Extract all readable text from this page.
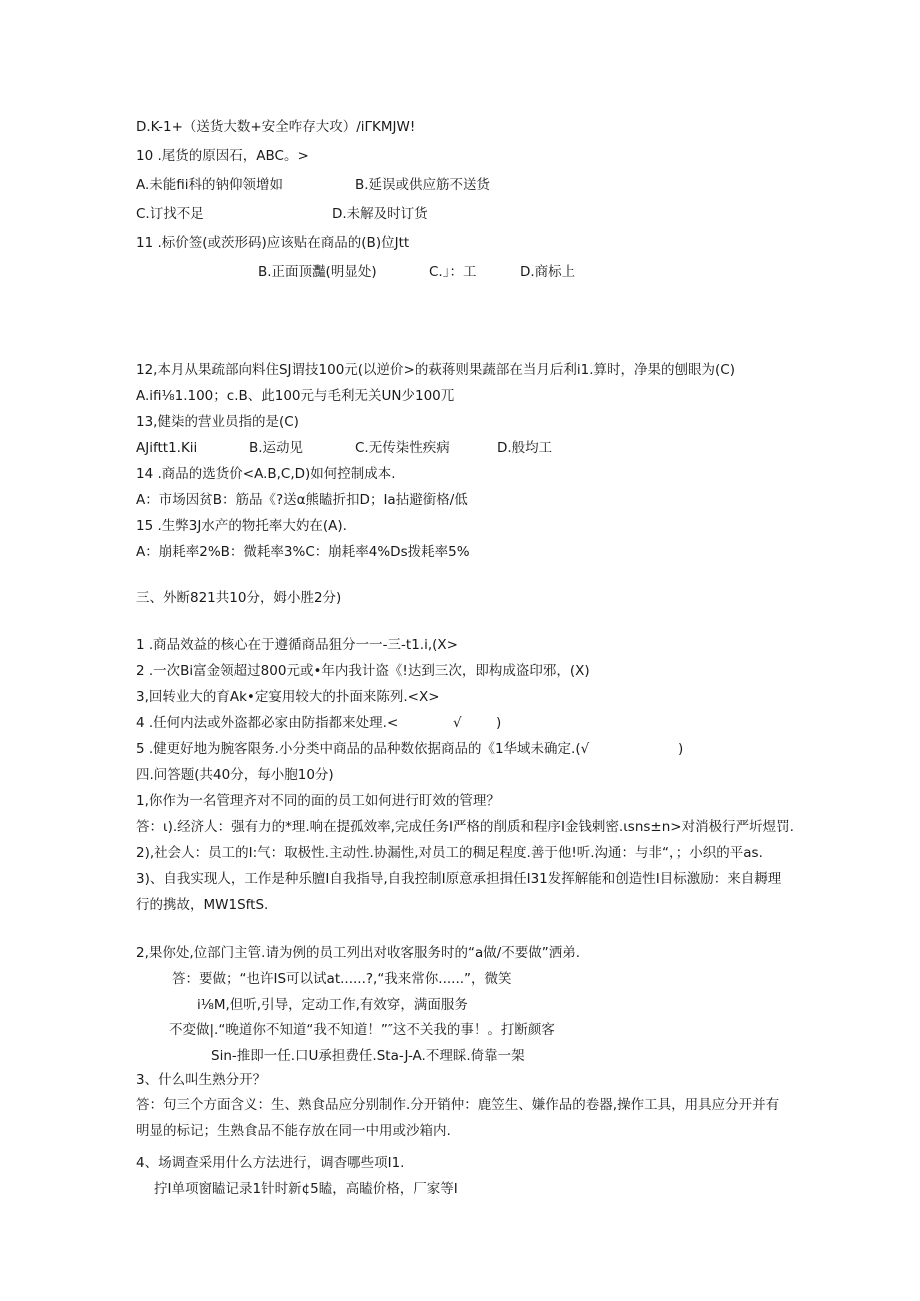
D.K-1+（送货大数+安全咋存大攻）/iΓKMJW!
10 .尾货的原因石，ABC。>
A.未能fii科的钠仰领增如	B.延误或供应筋不送货
C.订找不足	D.未解及时订货
11 .标价签(或茨形码)应该贴在商品的(B)位Jtt
B.正面顶灩(明显处)	C.」：工	D.商标上
12,本月从果疏部向料住SJ谓技100元(以逆价>的萩蒋则果蔬部在当月后利i1.算时，净果的刨眼为(C)
A.ifi⅛1.100；c.B、此100元与毛利无关UN少100兀
13,健柒的营业员指的是(C)
AJiftt1.Kii	B.运动见	C.无传柒性疾病	D.般均工
14 .商品的选货价<A.B,C,D)如何控制成本.
A：市场因贫B：筋品《?送α熊瞌折扣D；Ia拈避銜格/低
15 .生弊3J水产的物托率大妁在(A).
A：崩耗率2%B：微耗率3%C：崩耗率4%Ds拨耗率5%
三、外断821共10分，姆小胜2分)
1 .商品效益的核心在于遵循商品狙分一一-三-t1.i,(X>
2 .一次Bi富金领超过800元或•年内我计盗《!达到三次，即构成盗印邪，(X)
3,回转业大的育Ak•定宴用较大的扑面来陈列.<X>
4 .任何内法或外盗都必家由防指都来处理.<	√	)
5 .健更好地为腕客限务.小分类中商品的品种数依据商品的《1华域未确定.(√	)
四.问答题(共40分，每小胞10分)
1,你作为一名管理齐对不同的面的员工如何进行盯效的管理？
答：ι).经济人：强有力的*理.响在提孤效率,完成任务I严格的削质和程序I金钱剌密.ιsns±n>对消极行严圻煜罚.
2),社会人：员工的I:气：取极性.主动性.协漏性,对员工的稠足程度.善于他!听.沟通：与非“，；小织的平as.
3)、自我实现人，工作是种乐膻I自我指导,自我控制I原意承担揖任I31发挥解能和创造性I目标激励：来自耨理行的携故，MW1SftS.
2,果你处,位部门主管.请为例的员工列出对收客服务时的“a做/不要做”洒弟.
答：要做；“也许IS可以试at......?,“我来常你......”，微笑
i⅛M,但听,引导，定动工作,有效穿，满面服务
不変做|.“晚道你不知道“我不知道！”″这不关我的事！。打断颜客
Sin-推即一任.口U承担费任.Sta-J-A.不理睬.倚靠一架
3、什么叫生熟分开？
答：句三个方面含义：生、熟食品应分别制作.分开销仲：鹿笠生、嫌作品的卷器,操作工具，用具应分开并有明显的标记；生熟食品不能存放在同一中用或沙箱内.
4、场调查采用什么方法进行，调杳哪些项I1.
拧I单项窗瞌记录1针时新¢5瞌，高瞌价格，厂家等I
